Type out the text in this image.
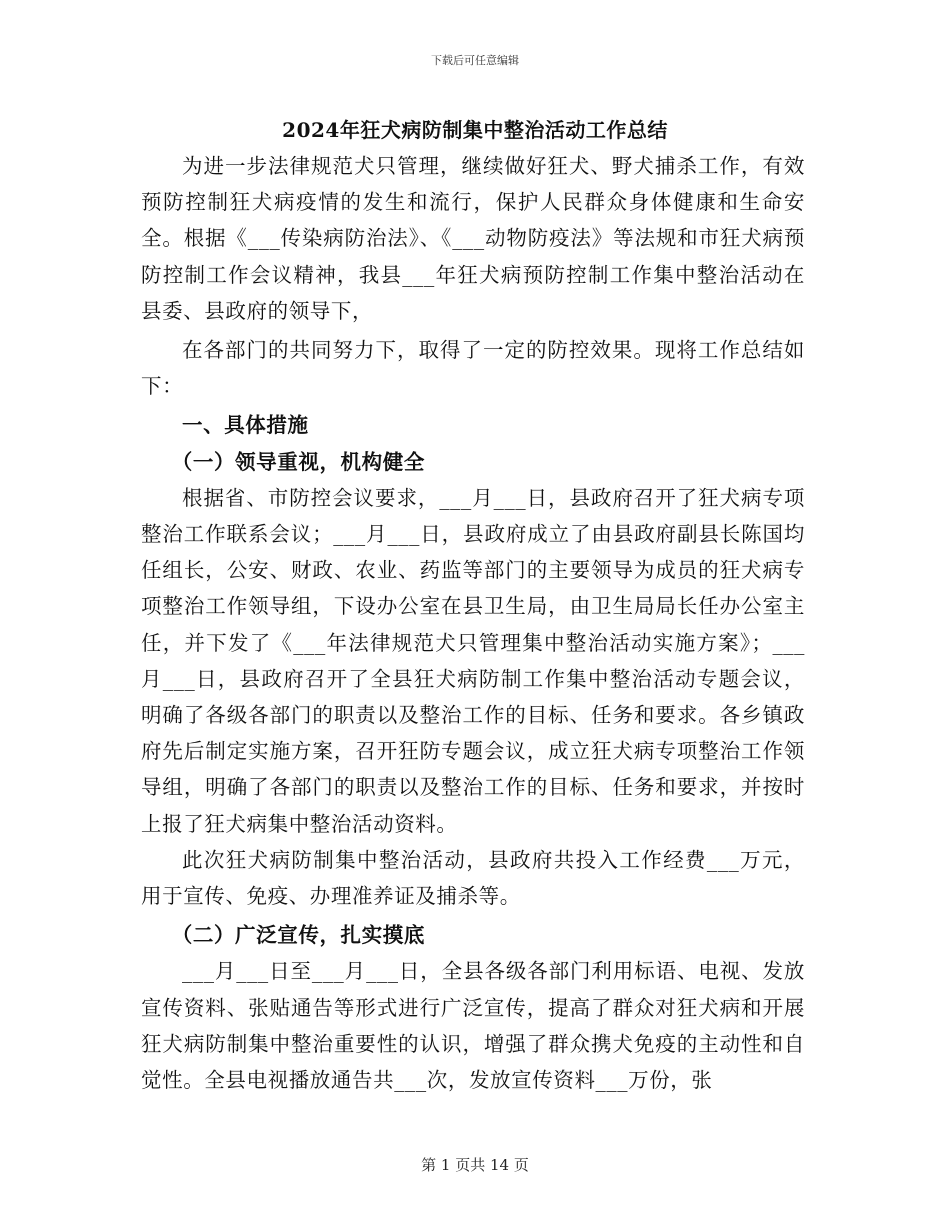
下载后可任意编辑
2024年狂犬病防制集中整治活动工作总结

为进一步法律规范犬只管理，继续做好狂犬、野犬捕杀工作，有效预防控制狂犬病疫情的发生和流行，保护人民群众身体健康和生命安全。根据《___传染病防治法》、《___动物防疫法》等法规和市狂犬病预防控制工作会议精神，我县___年狂犬病预防控制工作集中整治活动在县委、县政府的领导下，

在各部门的共同努力下，取得了一定的防控效果。现将工作总结如下：

一、具体措施

（一）领导重视，机构健全

根据省、市防控会议要求，___月___日，县政府召开了狂犬病专项整治工作联系会议；___月___日，县政府成立了由县政府副县长陈国均任组长，公安、财政、农业、药监等部门的主要领导为成员的狂犬病专项整治工作领导组，下设办公室在县卫生局，由卫生局局长任办公室主任，并下发了《___年法律规范犬只管理集中整治活动实施方案》；___月___日，县政府召开了全县狂犬病防制工作集中整治活动专题会议，明确了各级各部门的职责以及整治工作的目标、任务和要求。各乡镇政府先后制定实施方案，召开狂防专题会议，成立狂犬病专项整治工作领导组，明确了各部门的职责以及整治工作的目标、任务和要求，并按时上报了狂犬病集中整治活动资料。

此次狂犬病防制集中整治活动，县政府共投入工作经费___万元，用于宣传、免疫、办理准养证及捕杀等。

（二）广泛宣传，扎实摸底

___月___日至___月___日，全县各级各部门利用标语、电视、发放宣传资料、张贴通告等形式进行广泛宣传，提高了群众对狂犬病和开展狂犬病防制集中整治重要性的认识，增强了群众携犬免疫的主动性和自觉性。全县电视播放通告共___次，发放宣传资料___万份，张

第 1 页共 14 页
